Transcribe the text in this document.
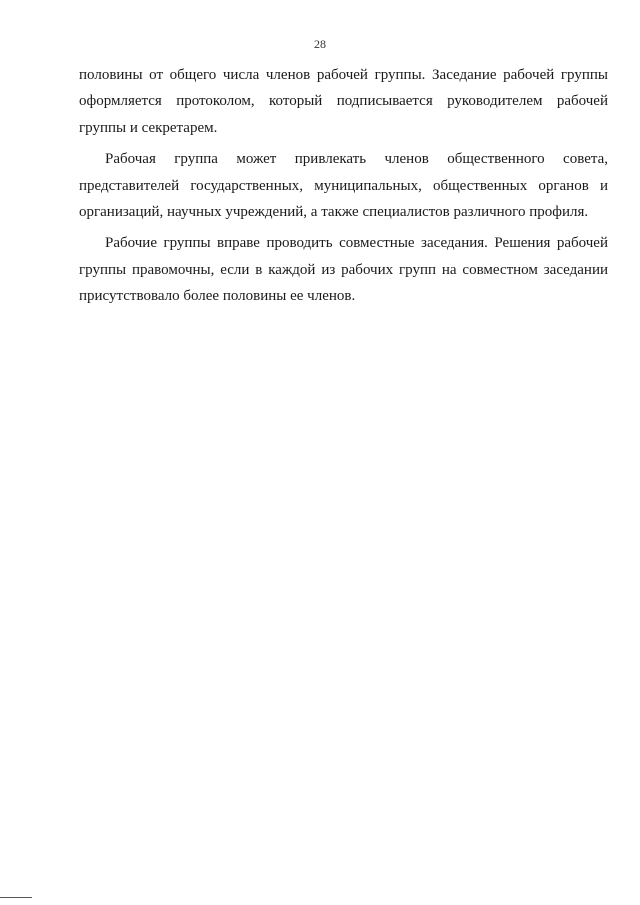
28

половины от общего числа членов рабочей группы. Заседание рабочей группы
оформляется протоколом, который подписывается руководителем рабочей
группы и секретарем.

Рабочая группа может привлекать членов общественного совета,
представителей государственных, муниципальных, общественных органов и
организаций, научных учреждений, а также специалистов различного профиля.

Рабочие группы вправе проводить совместные заседания. Решения рабочей
группы правомочны, если в каждой из рабочих групп на совместном заседании
присутствовало более половины ее членов.
